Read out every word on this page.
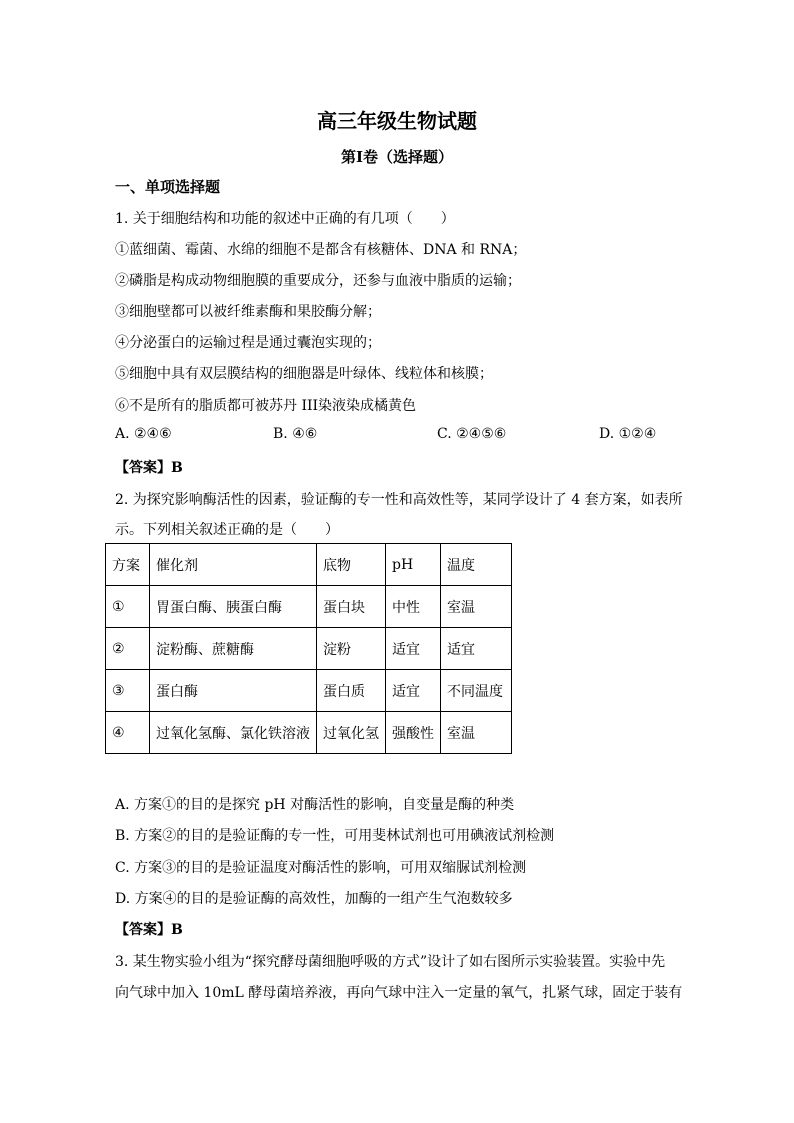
高三年级生物试题
第I卷（选择题）
一、单项选择题
1. 关于细胞结构和功能的叙述中正确的有几项（　　）
①蓝细菌、霉菌、水绵的细胞不是都含有核糖体、DNA 和 RNA；
②磷脂是构成动物细胞膜的重要成分，还参与血液中脂质的运输；
③细胞壁都可以被纤维素酶和果胶酶分解；
④分泌蛋白的运输过程是通过囊泡实现的；
⑤细胞中具有双层膜结构的细胞器是叶绿体、线粒体和核膜；
⑥不是所有的脂质都可被苏丹 III染液染成橘黄色
A. ②④⑥	B. ④⑥	C. ②④⑤⑥	D. ①②④
【答案】B
2. 为探究影响酶活性的因素，验证酶的专一性和高效性等，某同学设计了 4 套方案，如表所
示。下列相关叙述正确的是（　　）
方案	催化剂	底物	pH	温度
①	胃蛋白酶、胰蛋白酶	蛋白块	中性	室温
②	淀粉酶、蔗糖酶	淀粉	适宜	适宜
③	蛋白酶	蛋白质	适宜	不同温度
④	过氧化氢酶、氯化铁溶液	过氧化氢	强酸性	室温
A. 方案①的目的是探究 pH 对酶活性的影响，自变量是酶的种类
B. 方案②的目的是验证酶的专一性，可用斐林试剂也可用碘液试剂检测
C. 方案③的目的是验证温度对酶活性的影响，可用双缩脲试剂检测
D. 方案④的目的是验证酶的高效性，加酶的一组产生气泡数较多
【答案】B
3. 某生物实验小组为“探究酵母菌细胞呼吸的方式”设计了如右图所示实验装置。实验中先
向气球中加入 10mL 酵母菌培养液，再向气球中注入一定量的氧气，扎紧气球，固定于装有
